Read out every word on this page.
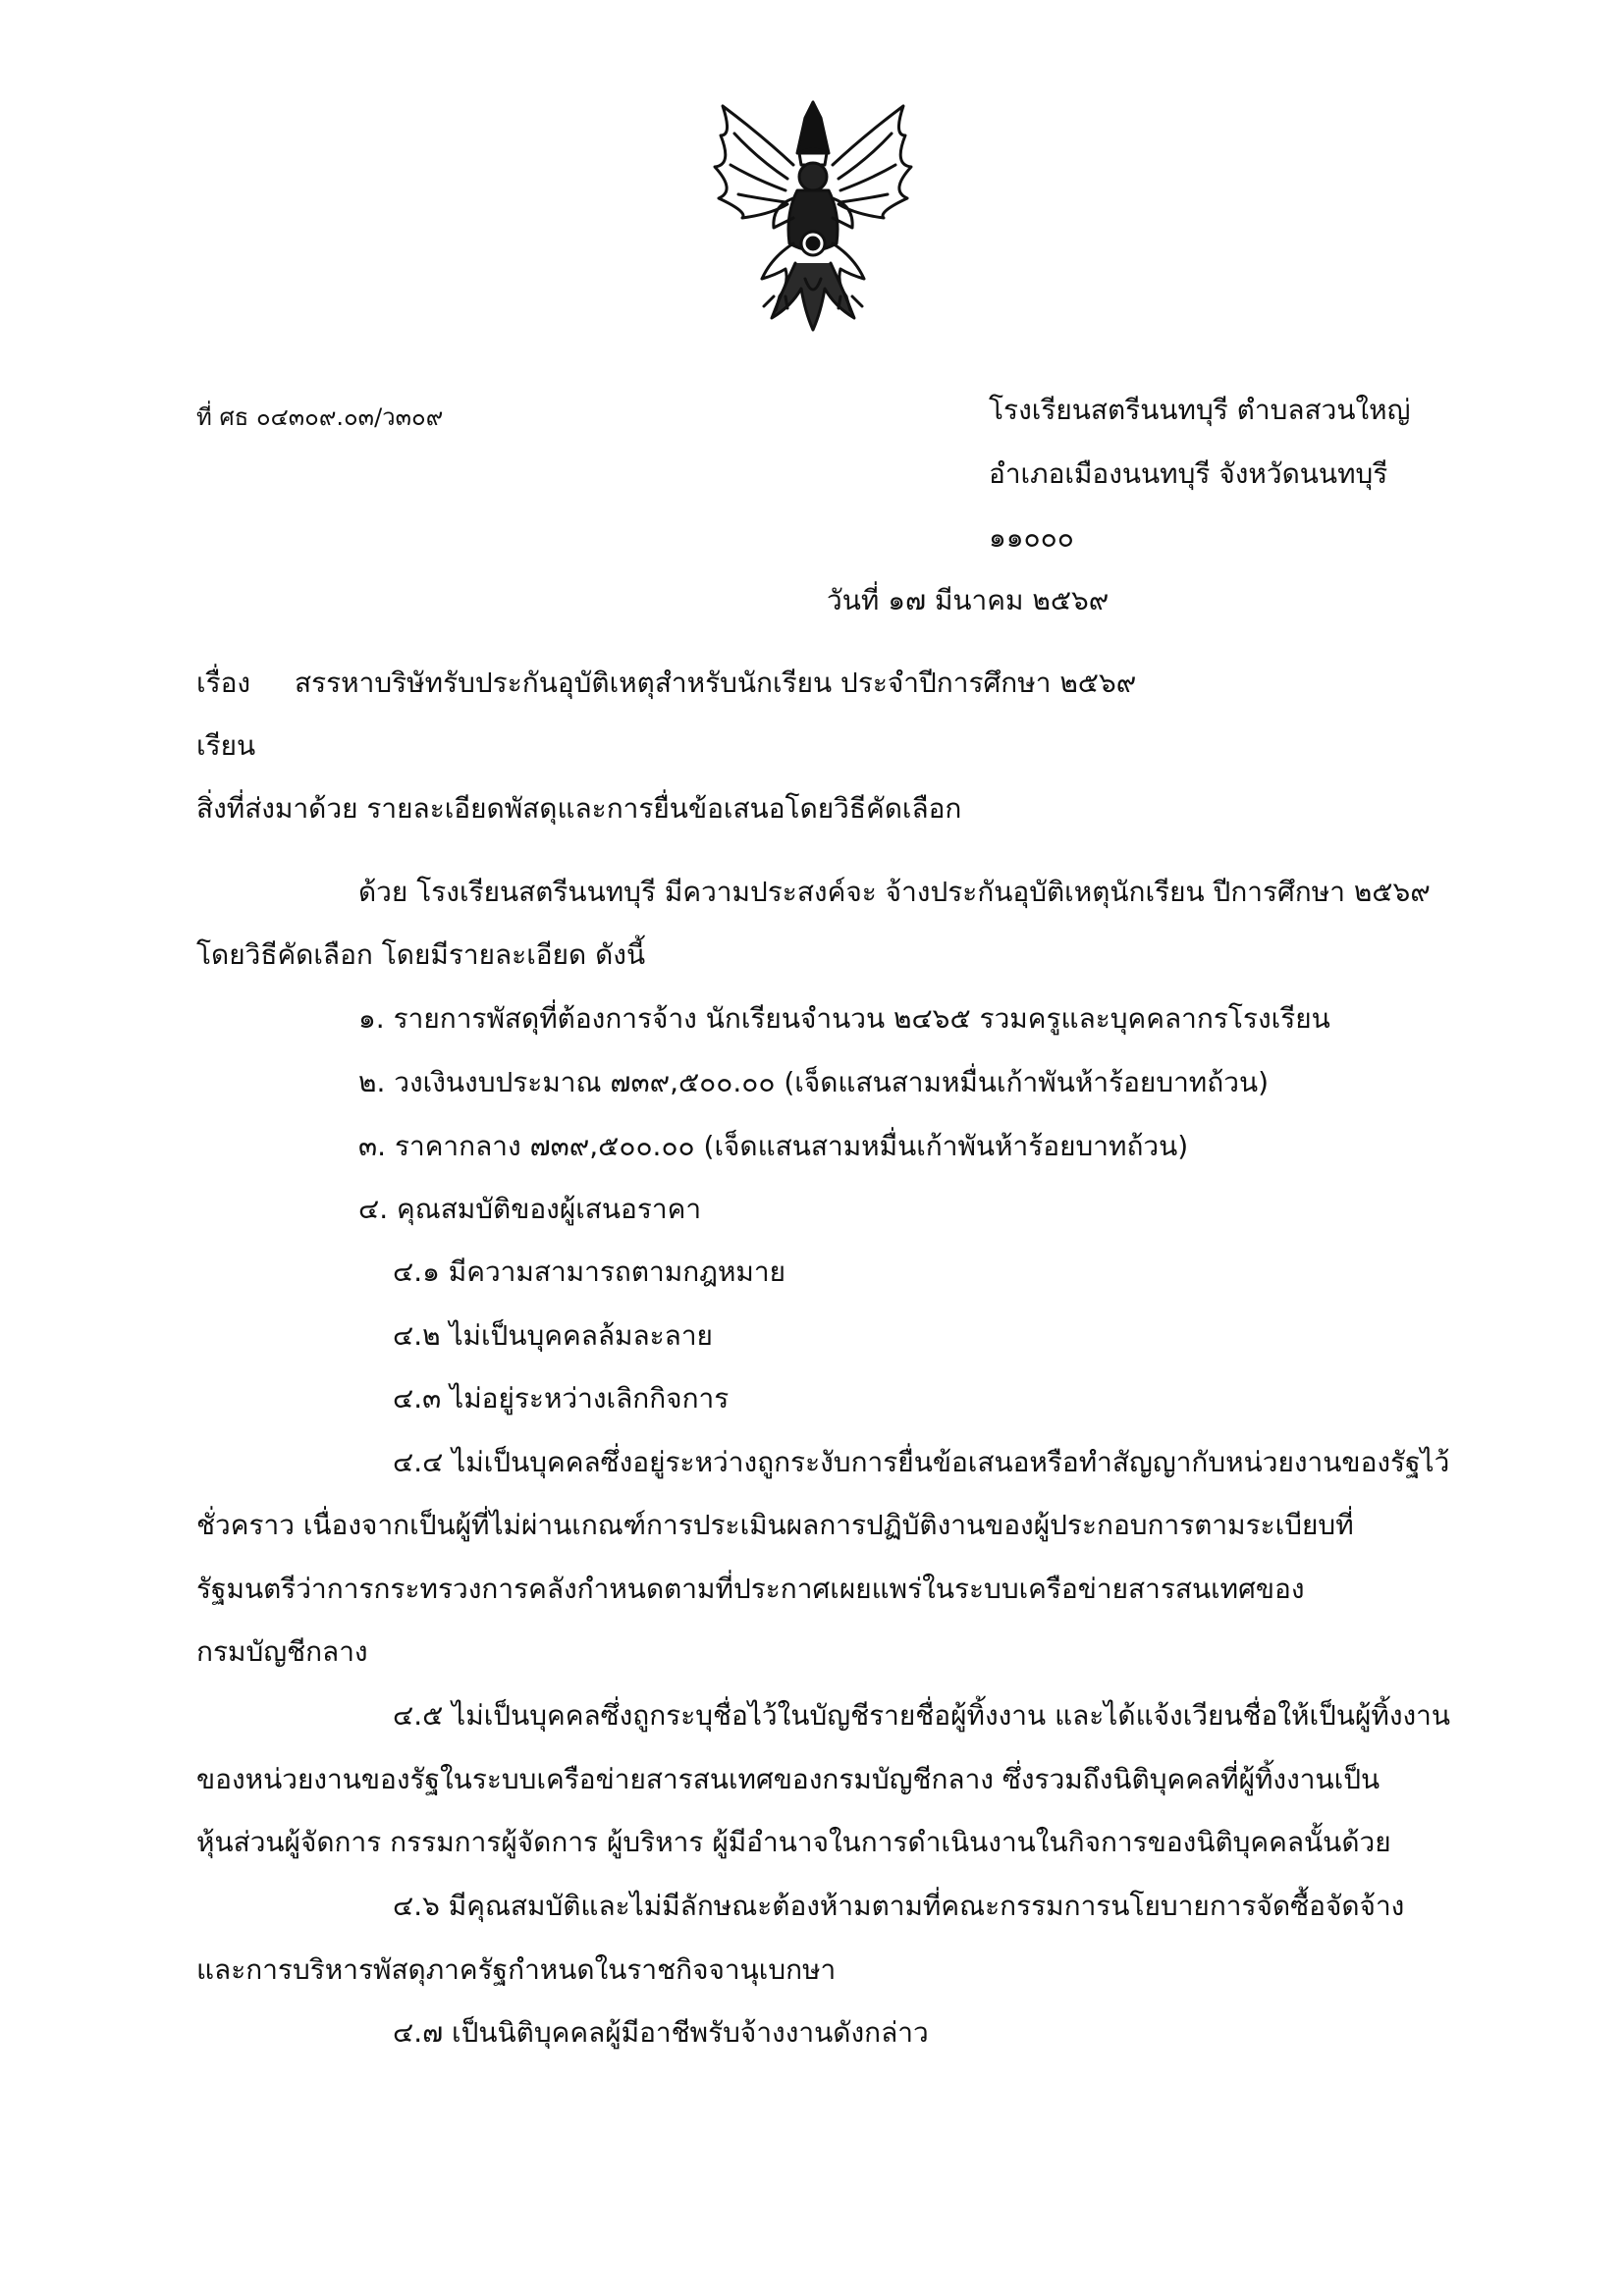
ที่ ศธ ๐๔๓๐๙.๐๓/ว๓๐๙	โรงเรียนสตรีนนทบุรี ตำบลสวนใหญ่
อำเภอเมืองนนทบุรี จังหวัดนนทบุรี
๑๑๐๐๐
วันที่ ๑๗ มีนาคม ๒๕๖๙
เรื่อง สรรหาบริษัทรับประกันอุบัติเหตุสำหรับนักเรียน ประจำปีการศึกษา ๒๕๖๙
เรียน
สิ่งที่ส่งมาด้วย รายละเอียดพัสดุและการยื่นข้อเสนอโดยวิธีคัดเลือก
ด้วย โรงเรียนสตรีนนทบุรี มีความประสงค์จะ จ้างประกันอุบัติเหตุนักเรียน ปีการศึกษา ๒๕๖๙
โดยวิธีคัดเลือก โดยมีรายละเอียด ดังนี้
๑. รายการพัสดุที่ต้องการจ้าง นักเรียนจำนวน ๒๔๖๕ รวมครูและบุคคลากรโรงเรียน
๒. วงเงินงบประมาณ ๗๓๙,๕๐๐.๐๐ (เจ็ดแสนสามหมื่นเก้าพันห้าร้อยบาทถ้วน)
๓. ราคากลาง ๗๓๙,๕๐๐.๐๐ (เจ็ดแสนสามหมื่นเก้าพันห้าร้อยบาทถ้วน)
๔. คุณสมบัติของผู้เสนอราคา
๔.๑ มีความสามารถตามกฎหมาย
๔.๒ ไม่เป็นบุคคลล้มละลาย
๔.๓ ไม่อยู่ระหว่างเลิกกิจการ
๔.๔ ไม่เป็นบุคคลซึ่งอยู่ระหว่างถูกระงับการยื่นข้อเสนอหรือทำสัญญากับหน่วยงานของรัฐไว้
ชั่วคราว เนื่องจากเป็นผู้ที่ไม่ผ่านเกณฑ์การประเมินผลการปฏิบัติงานของผู้ประกอบการตามระเบียบที่
รัฐมนตรีว่าการกระทรวงการคลังกำหนดตามที่ประกาศเผยแพร่ในระบบเครือข่ายสารสนเทศของ
กรมบัญชีกลาง
๔.๕ ไม่เป็นบุคคลซึ่งถูกระบุชื่อไว้ในบัญชีรายชื่อผู้ทิ้งงาน และได้แจ้งเวียนชื่อให้เป็นผู้ทิ้งงาน
ของหน่วยงานของรัฐในระบบเครือข่ายสารสนเทศของกรมบัญชีกลาง ซึ่งรวมถึงนิติบุคคลที่ผู้ทิ้งงานเป็น
หุ้นส่วนผู้จัดการ กรรมการผู้จัดการ ผู้บริหาร ผู้มีอำนาจในการดำเนินงานในกิจการของนิติบุคคลนั้นด้วย
๔.๖ มีคุณสมบัติและไม่มีลักษณะต้องห้ามตามที่คณะกรรมการนโยบายการจัดซื้อจัดจ้าง
และการบริหารพัสดุภาครัฐกำหนดในราชกิจจานุเบกษา
๔.๗ เป็นนิติบุคคลผู้มีอาชีพรับจ้างงานดังกล่าว
